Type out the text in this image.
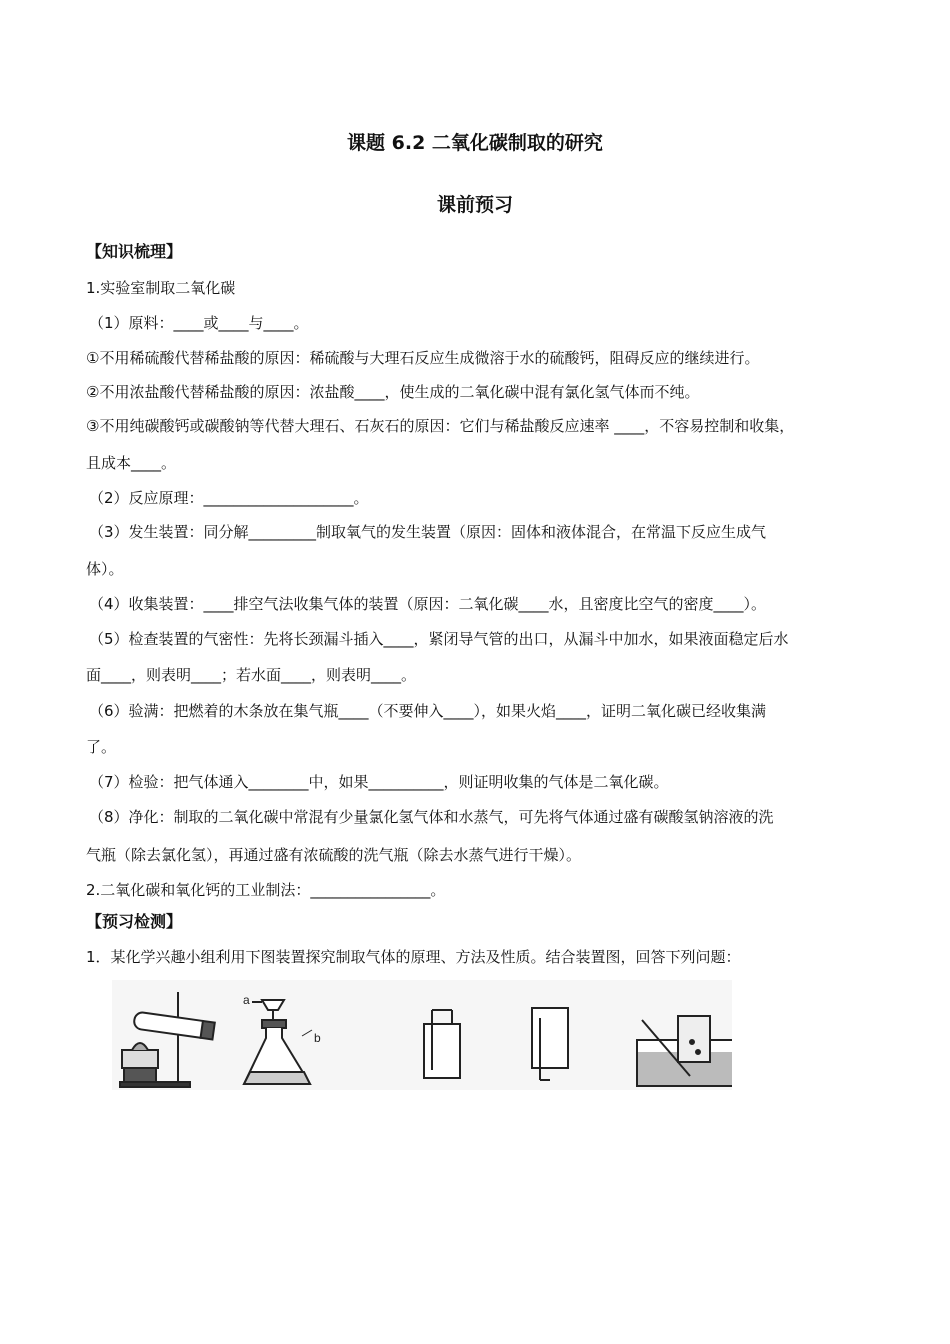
课题 6.2 二氧化碳制取的研究
课前预习
【知识梳理】
1.实验室制取二氧化碳
（1）原料：____或____与____。
①不用稀硫酸代替稀盐酸的原因：稀硫酸与大理石反应生成微溶于水的硫酸钙，阻碍反应的继续进行。
②不用浓盐酸代替稀盐酸的原因：浓盐酸____，使生成的二氧化碳中混有氯化氢气体而不纯。
③不用纯碳酸钙或碳酸钠等代替大理石、石灰石的原因：它们与稀盐酸反应速率 ____，不容易控制和收集，
且成本____。
（2）反应原理：____________________。
（3）发生装置：同分解_________制取氧气的发生装置（原因：固体和液体混合，在常温下反应生成气
体）。
（4）收集装置：____排空气法收集气体的装置（原因：二氧化碳____水，且密度比空气的密度____）。
（5）检查装置的气密性：先将长颈漏斗插入____，紧闭导气管的出口，从漏斗中加水，如果液面稳定后水
面____，则表明____；若水面____，则表明____。
（6）验满：把燃着的木条放在集气瓶____（不要伸入____），如果火焰____，证明二氧化碳已经收集满
了。
（7）检验：把气体通入________中，如果__________，则证明收集的气体是二氧化碳。
（8）净化：制取的二氧化碳中常混有少量氯化氢气体和水蒸气，可先将气体通过盛有碳酸氢钠溶液的洗
气瓶（除去氯化氢），再通过盛有浓硫酸的洗气瓶（除去水蒸气进行干燥）。
2.二氧化碳和氧化钙的工业制法：________________。
【预习检测】
1．某化学兴趣小组利用下图装置探究制取气体的原理、方法及性质。结合装置图，回答下列问题：
a
b
